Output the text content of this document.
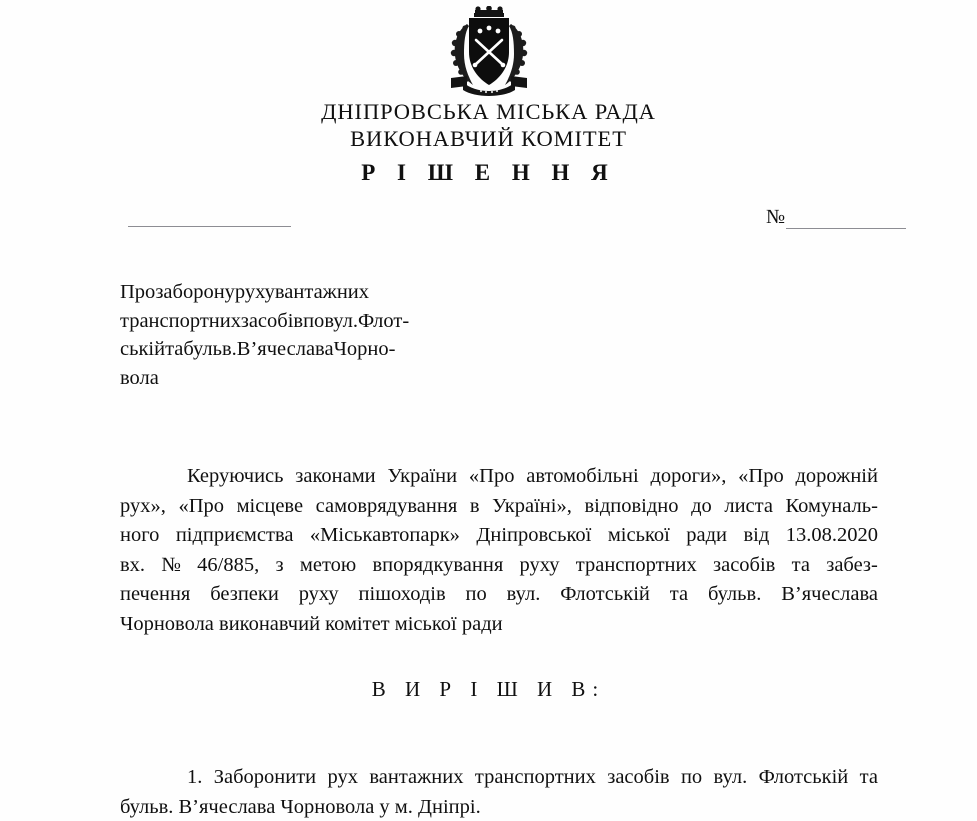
ДНІПРОВСЬКА МІСЬКА РАДА
ВИКОНАВЧИЙ КОМІТЕТ
Р І Ш Е Н Н Я
№
Прозаборонурухувантажних
транспортнихзасобівповул.Флот-
ськійтабульв.В’ячеславаЧорно-
вола
Керуючись законами України «Про автомобільні дороги», «Про дорожній
рух», «Про місцеве самоврядування в Україні», відповідно до листа Комуналь-
ного підприємства «Міськавтопарк» Дніпровської міської ради від 13.08.2020
вх. № 46/885, з метою впорядкування руху транспортних засобів та забез-
печення безпеки руху пішоходів по вул. Флотській та бульв. В’ячеслава
Чорновола виконавчий комітет міської ради
В И Р І Ш И В:
1. Заборонити рух вантажних транспортних засобів по вул. Флотській та
бульв. В’ячеслава Чорновола у м. Дніпрі.
